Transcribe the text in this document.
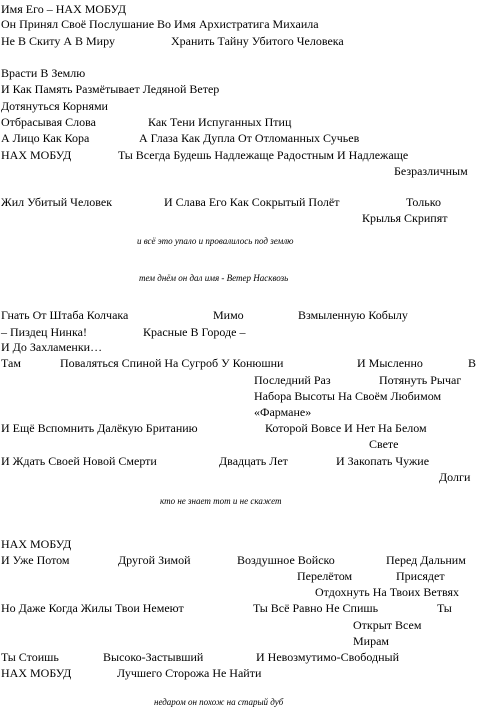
Имя Его – НАХ МОБУД
Он Принял Своё Послушание Во Имя Архистратига Михаила
Не В Скиту А В Миру	Хранить Тайну Убитого Человека
Врасти В Землю
И Как Память Размётывает Ледяной Ветер
Дотянуться Корнями
Отбрасывая Слова	Как Тени Испуганных Птиц
А Лицо Как Кора	А Глаза Как Дупла От Отломанных Сучьев
НАХ МОБУД	Ты Всегда Будешь Надлежаще Радостным И Надлежаще
Безразличным
Жил Убитый Человек	И Слава Его Как Сокрытый Полёт	Только
Крылья Скрипят
и всё это упало и провалилось под землю
тем днём он дал имя - Ветер Насквозь
Гнать От Штаба Колчака	Мимо	Взмыленную Кобылу
– Пиздец Нинка!	Красные В Городе –
И До Захламенки…
Там	Поваляться Спиной На Сугроб У Конюшни	И Мысленно	В
Последний Раз	Потянуть Рычаг
Набора Высоты На Своём Любимом
«Фармане»
И Ещё Вспомнить Далёкую Британию	Которой Вовсе И Нет На Белом
Свете
И Ждать Своей Новой Смерти	Двадцать Лет	И Закопать Чужие
Долги
кто не знает тот и не скажет
НАХ МОБУД
И Уже Потом	Другой Зимой	Воздушное Войско	Перед Дальним
Перелётом	Присядет
Отдохнуть На Твоих Ветвях
Но Даже Когда Жилы Твои Немеют	Ты Всё Равно Не Спишь	Ты
Открыт Всем
Мирам
Ты Стоишь	Высоко-Застывший	И Невозмутимо-Свободный
НАХ МОБУД	Лучшего Сторожа Не Найти
недаром он похож на старый дуб
